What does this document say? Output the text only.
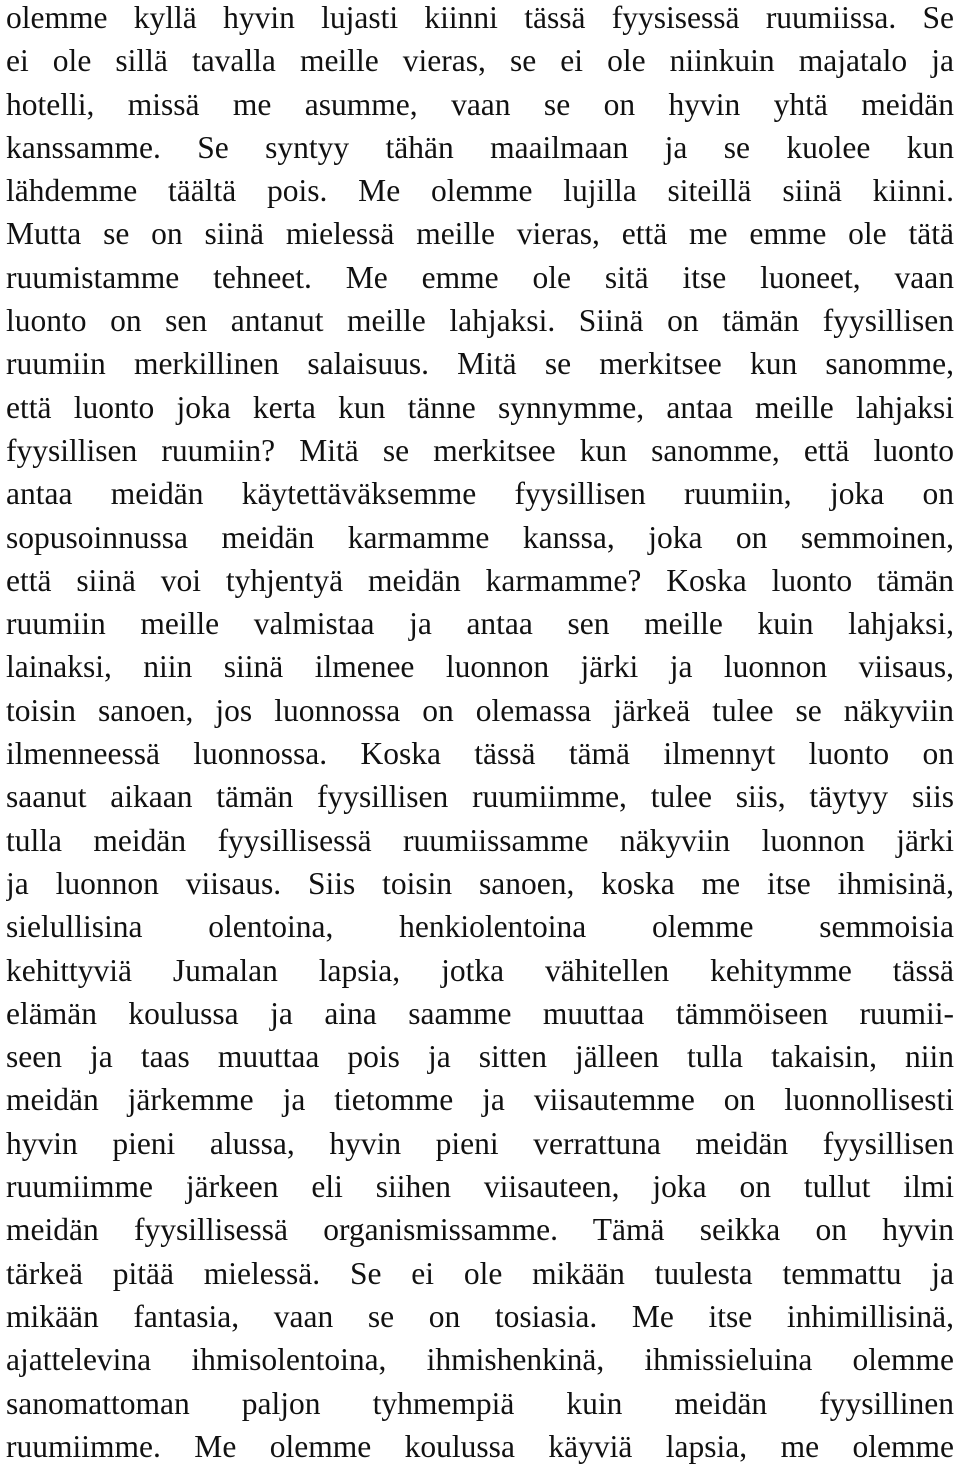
olemme kyllä hyvin lujasti kiinni tässä fyysisessä ruumiissa. Se
ei ole sillä tavalla meille vieras, se ei ole niinkuin majatalo ja
hotelli, missä me asumme, vaan se on hyvin yhtä meidän
kanssamme. Se syntyy tähän maailmaan ja se kuolee kun
lähdemme täältä pois. Me olemme lujilla siteillä siinä kiinni.
Mutta se on siinä mielessä meille vieras, että me emme ole tätä
ruumistamme tehneet. Me emme ole sitä itse luoneet, vaan
luonto on sen antanut meille lahjaksi. Siinä on tämän fyysillisen
ruumiin merkillinen salaisuus. Mitä se merkitsee kun sanomme,
että luonto joka kerta kun tänne synnymme, antaa meille lahjaksi
fyysillisen ruumiin? Mitä se merkitsee kun sanomme, että luonto
antaa meidän käytettäväksemme fyysillisen ruumiin, joka on
sopusoinnussa meidän karmamme kanssa, joka on semmoinen,
että siinä voi tyhjentyä meidän karmamme? Koska luonto tämän
ruumiin meille valmistaa ja antaa sen meille kuin lahjaksi,
lainaksi, niin siinä ilmenee luonnon järki ja luonnon viisaus,
toisin sanoen, jos luonnossa on olemassa järkeä tulee se näkyviin
ilmenneessä luonnossa. Koska tässä tämä ilmennyt luonto on
saanut aikaan tämän fyysillisen ruumiimme, tulee siis, täytyy siis
tulla meidän fyysillisessä ruumiissamme näkyviin luonnon järki
ja luonnon viisaus. Siis toisin sanoen, koska me itse ihmisinä,
sielullisina olentoina, henkiolentoina olemme semmoisia
kehittyviä Jumalan lapsia, jotka vähitellen kehitymme tässä
elämän koulussa ja aina saamme muuttaa tämmöiseen ruumii-
seen ja taas muuttaa pois ja sitten jälleen tulla takaisin, niin
meidän järkemme ja tietomme ja viisautemme on luonnollisesti
hyvin pieni alussa, hyvin pieni verrattuna meidän fyysillisen
ruumiimme järkeen eli siihen viisauteen, joka on tullut ilmi
meidän fyysillisessä organismissamme. Tämä seikka on hyvin
tärkeä pitää mielessä. Se ei ole mikään tuulesta temmattu ja
mikään fantasia, vaan se on tosiasia. Me itse inhimillisinä,
ajattelevina ihmisolentoina, ihmishenkinä, ihmissieluina olemme
sanomattoman paljon tyhmempiä kuin meidän fyysillinen
ruumiimme. Me olemme koulussa käyviä lapsia, me olemme
